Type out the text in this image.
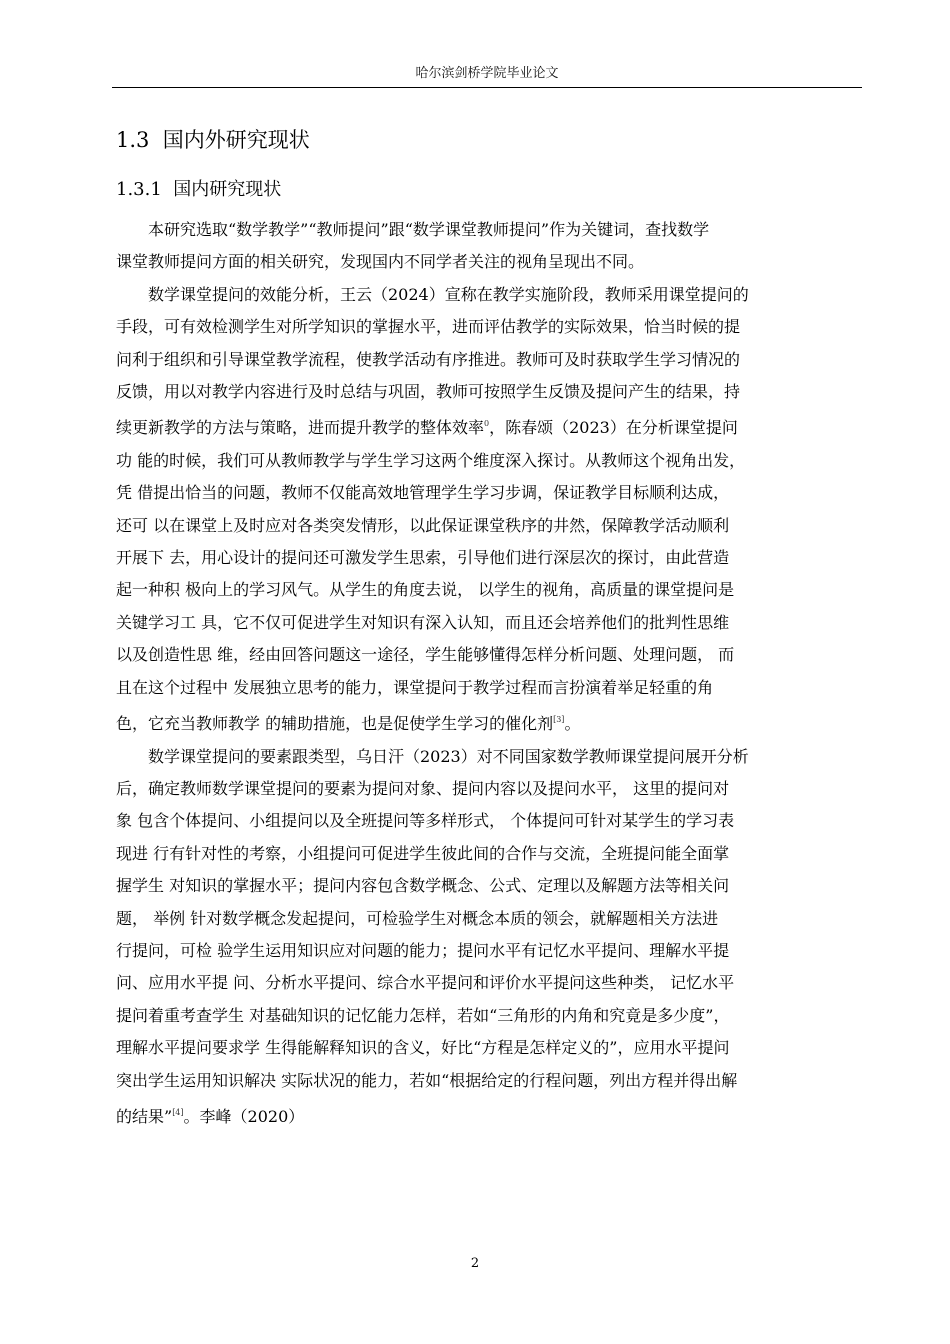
哈尔滨剑桥学院毕业论文
1.3 国内外研究现状
1.3.1 国内研究现状

本研究选取“数学教学”“教师提问”跟“数学课堂教师提问”作为关键词，查找数学
课堂教师提问方面的相关研究，发现国内不同学者关注的视角呈现出不同。

数学课堂提问的效能分析，王云（2024）宣称在教学实施阶段，教师采用课堂提问的
手段，可有效检测学生对所学知识的掌握水平，进而评估教学的实际效果，恰当时候的提
问利于组织和引导课堂教学流程，使教学活动有序推进。教师可及时获取学生学习情况的
反馈，用以对教学内容进行及时总结与巩固，教师可按照学生反馈及提问产生的结果，持
续更新教学的方法与策略，进而提升教学的整体效率$^0$，陈春颂（2023）在分析课堂提问
功 能的时候，我们可从教师教学与学生学习这两个维度深入探讨。从教师这个视角出发，
凭 借提出恰当的问题，教师不仅能高效地管理学生学习步调，保证教学目标顺利达成，
还可 以在课堂上及时应对各类突发情形，以此保证课堂秩序的井然，保障教学活动顺利
开展下 去，用心设计的提问还可激发学生思索，引导他们进行深层次的探讨，由此营造
起一种积 极向上的学习风气。从学生的角度去说， 以学生的视角，高质量的课堂提问是
关键学习工 具，它不仅可促进学生对知识有深入认知，而且还会培养他们的批判性思维
以及创造性思 维，经由回答问题这一途径，学生能够懂得怎样分析问题、处理问题， 而
且在这个过程中 发展独立思考的能力，课堂提问于教学过程而言扮演着举足轻重的角
色，它充当教师教学 的辅助措施，也是促使学生学习的催化剂[3]。

数学课堂提问的要素跟类型，乌日汗（2023）对不同国家数学教师课堂提问展开分析
后，确定教师数学课堂提问的要素为提问对象、提问内容以及提问水平， 这里的提问对
象 包含个体提问、小组提问以及全班提问等多样形式， 个体提问可针对某学生的学习表
现进 行有针对性的考察，小组提问可促进学生彼此间的合作与交流，全班提问能全面掌
握学生 对知识的掌握水平；提问内容包含数学概念、公式、定理以及解题方法等相关问
题， 举例 针对数学概念发起提问，可检验学生对概念本质的领会，就解题相关方法进
行提问，可检 验学生运用知识应对问题的能力；提问水平有记忆水平提问、理解水平提
问、应用水平提 问、分析水平提问、综合水平提问和评价水平提问这些种类， 记忆水平
提问着重考查学生 对基础知识的记忆能力怎样，若如“三角形的内角和究竟是多少度”，
理解水平提问要求学 生得能解释知识的含义，好比“方程是怎样定义的”，应用水平提问
突出学生运用知识解决 实际状况的能力，若如“根据给定的行程问题，列出方程并得出解
的结果”[4]。李峰（2020）

2
